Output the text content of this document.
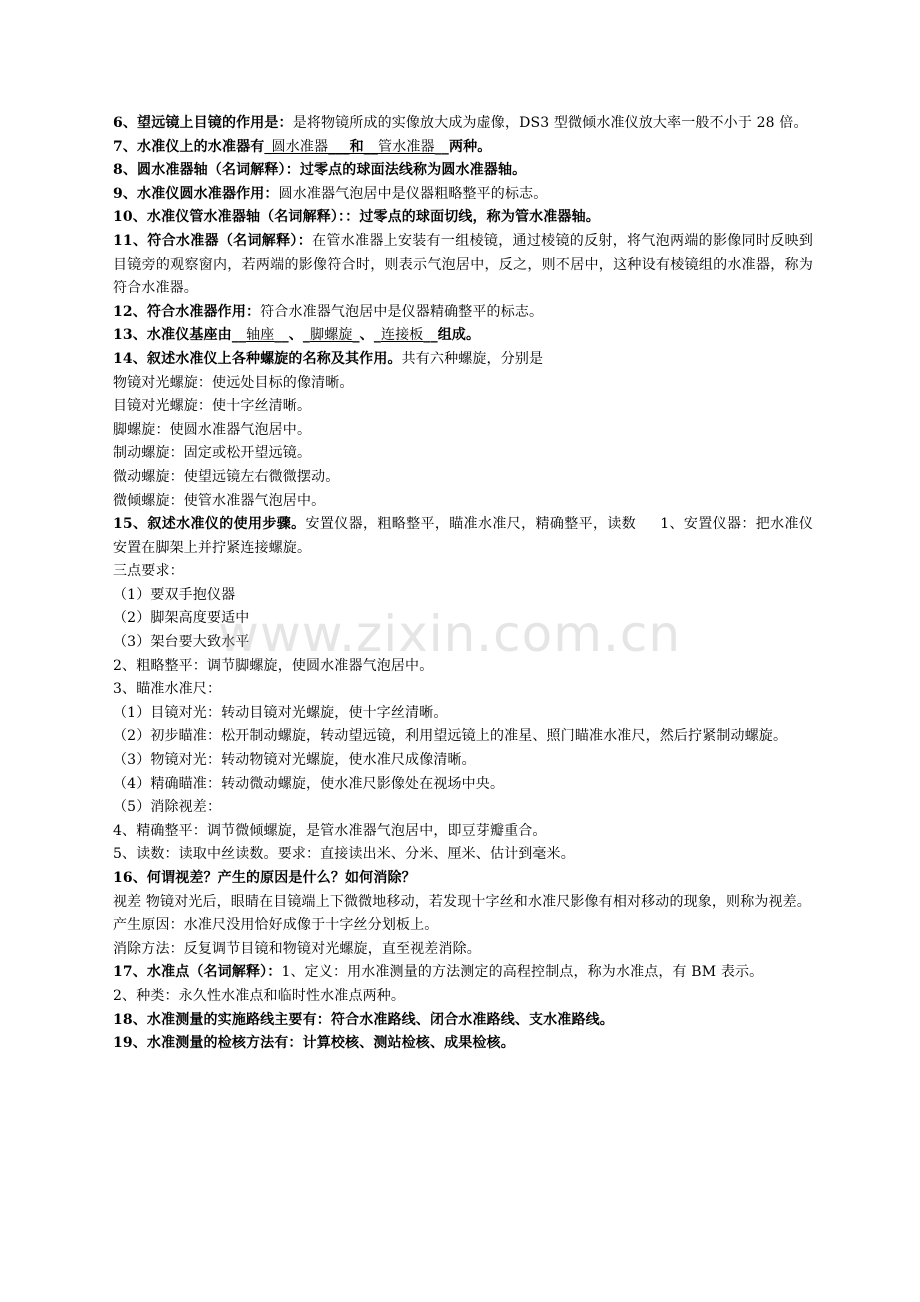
6、望远镜上目镜的作用是：是将物镜所成的实像放大成为虚像，DS3 型微倾水准仪放大率一般不小于 28 倍。
7、水准仪上的水准器有_圆水准器___和__管水准器__两种。
8、圆水准器轴（名词解释）：过零点的球面法线称为圆水准器轴。
9、水准仪圆水准器作用：圆水准器气泡居中是仪器粗略整平的标志。
10、水准仪管水准器轴（名词解释）：：过零点的球面切线，称为管水准器轴。
11、符合水准器（名词解释）：在管水准器上安装有一组棱镜，通过棱镜的反射，将气泡两端的影像同时反映到目镜旁的观察窗内，若两端的影像符合时，则表示气泡居中，反之，则不居中，这种设有棱镜组的水准器，称为符合水准器。
12、符合水准器作用：符合水准器气泡居中是仪器精确整平的标志。
13、水准仪基座由__轴座__、_脚螺旋_、_连接板__组成。
14、叙述水准仪上各种螺旋的名称及其作用。共有六种螺旋，分别是
物镜对光螺旋：使远处目标的像清晰。
目镜对光螺旋：使十字丝清晰。
脚螺旋：使圆水准器气泡居中。
制动螺旋：固定或松开望远镜。
微动螺旋：使望远镜左右微微摆动。
微倾螺旋：使管水准器气泡居中。
15、叙述水准仪的使用步骤。安置仪器，粗略整平，瞄准水准尺，精确整平，读数     1、安置仪器：把水准仪安置在脚架上并拧紧连接螺旋。
三点要求：
（1）要双手抱仪器
（2）脚架高度要适中
（3）架台要大致水平
2、粗略整平：调节脚螺旋，使圆水准器气泡居中。
3、瞄准水准尺：
（1）目镜对光：转动目镜对光螺旋，使十字丝清晰。
（2）初步瞄准：松开制动螺旋，转动望远镜，利用望远镜上的准星、照门瞄准水准尺，然后拧紧制动螺旋。
（3）物镜对光：转动物镜对光螺旋，使水准尺成像清晰。
（4）精确瞄准：转动微动螺旋，使水准尺影像处在视场中央。
（5）消除视差：
4、精确整平：调节微倾螺旋，是管水准器气泡居中，即豆芽瓣重合。
5、读数：读取中丝读数。要求：直接读出米、分米、厘米、估计到毫米。
16、何谓视差？产生的原因是什么？如何消除？
视差 物镜对光后，眼睛在目镜端上下微微地移动，若发现十字丝和水准尺影像有相对移动的现象，则称为视差。
产生原因：水准尺没用恰好成像于十字丝分划板上。
消除方法：反复调节目镜和物镜对光螺旋，直至视差消除。
17、水准点（名词解释）：1、定义：用水准测量的方法测定的高程控制点，称为水准点，有 BM 表示。
2、种类：永久性水准点和临时性水准点两种。
18、水准测量的实施路线主要有：符合水准路线、闭合水准路线、支水准路线。
19、水准测量的检核方法有：计算校核、测站检核、成果检核。
www.zixin.com.cn
